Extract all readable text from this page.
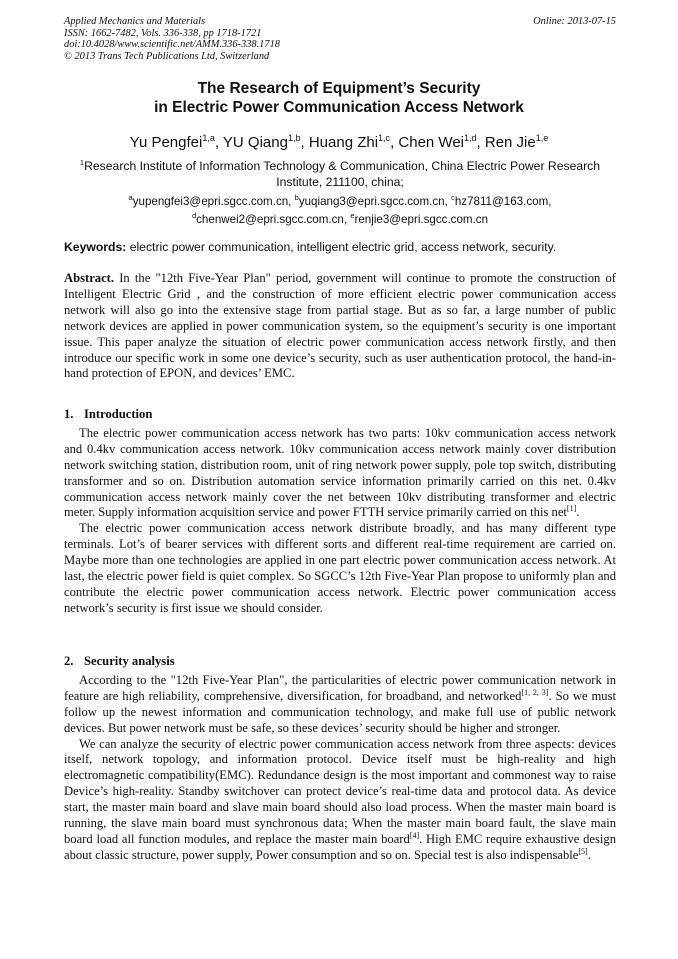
Applied Mechanics and Materials
ISSN: 1662-7482, Vols. 336-338, pp 1718-1721
doi:10.4028/www.scientific.net/AMM.336-338.1718
© 2013 Trans Tech Publications Ltd, Switzerland
Online: 2013-07-15
The Research of Equipment’s Security
in Electric Power Communication Access Network
Yu Pengfei$^{1,a}$, YU Qiang$^{1,b}$, Huang Zhi$^{1,c}$, Chen Wei$^{1,d}$, Ren Jie$^{1,e}$
$^1$Research Institute of Information Technology & Communication, China Electric Power Research Institute, 211100, china;
$^a$yupengfei3@epri.sgcc.com.cn, $^b$yuqiang3@epri.sgcc.com.cn, $^c$hz7811@163.com,
$^d$chenwei2@epri.sgcc.com.cn, $^e$renjie3@epri.sgcc.com.cn
Keywords: electric power communication, intelligent electric grid, access network, security.

Abstract. In the "12th Five-Year Plan" period, government will continue to promote the construction of Intelligent Electric Grid , and the construction of more efficient electric power communication access network will also go into the extensive stage from partial stage. But as so far, a large number of public network devices are applied in power communication system, so the equipment’s security is one important issue. This paper analyze the situation of electric power communication access network firstly, and then introduce our specific work in some one device’s security, such as user authentication protocol, the hand-in-hand protection of EPON, and devices’ EMC.

1. Introduction

The electric power communication access network has two parts: 10kv communication access network and 0.4kv communication access network. 10kv communication access network mainly cover distribution network switching station, distribution room, unit of ring network power supply, pole top switch, distributing transformer and so on. Distribution automation service information primarily carried on this net. 0.4kv communication access network mainly cover the net between 10kv distributing transformer and electric meter. Supply information acquisition service and power FTTH service primarily carried on this net[1].

The electric power communication access network distribute broadly, and has many different type terminals. Lot’s of bearer services with different sorts and different real-time requirement are carried on. Maybe more than one technologies are applied in one part electric power communication access network. At last, the electric power field is quiet complex. So SGCC’s 12th Five-Year Plan propose to uniformly plan and contribute the electric power communication access network. Electric power communication access network’s security is first issue we should consider.

2. Security analysis

According to the "12th Five-Year Plan", the particularities of electric power communication network in feature are high reliability, comprehensive, diversification, for broadband, and networked[1, 2, 3]. So we must follow up the newest information and communication technology, and make full use of public network devices. But power network must be safe, so these devices’ security should be higher and stronger.

We can analyze the security of electric power communication access network from three aspects: devices itself, network topology, and information protocol. Device itself must be high-reality and high electromagnetic compatibility(EMC). Redundance design is the most important and commonest way to raise Device’s high-reality. Standby switchover can protect device’s real-time data and protocol data. As device start, the master main board and slave main board should also load process. When the master main board is running, the slave main board must synchronous data; When the master main board fault, the slave main board load all function modules, and replace the master main board[4]. High EMC require exhaustive design about classic structure, power supply, Power consumption and so on. Special test is also indispensable[5].
